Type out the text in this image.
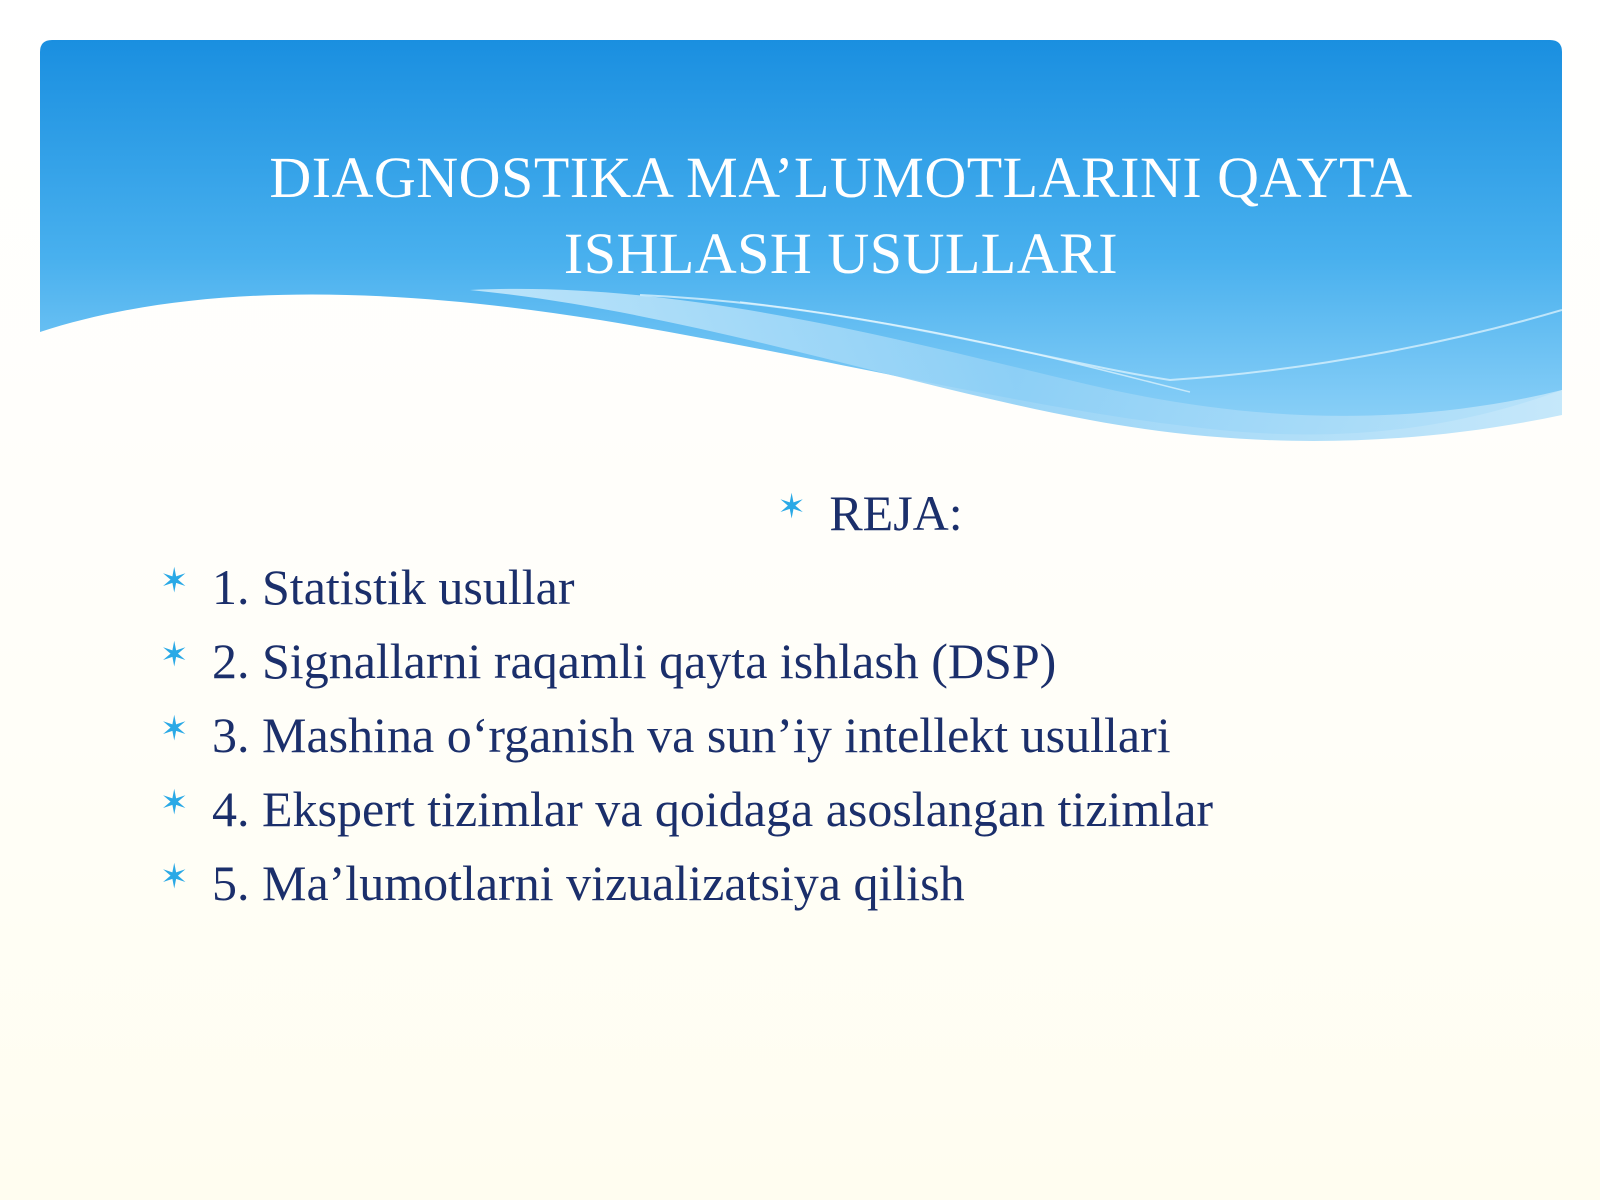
DIAGNOSTIKA MA’LUMOTLARINI QAYTA ISHLASH USULLARI
✶ REJA:
✶ 1. Statistik usullar
✶ 2. Signallarni raqamli qayta ishlash (DSP)
✶ 3. Mashina o‘rganish va sun’iy intellekt usullari
✶ 4. Ekspert tizimlar va qoidaga asoslangan tizimlar
✶ 5. Ma’lumotlarni vizualizatsiya qilish
